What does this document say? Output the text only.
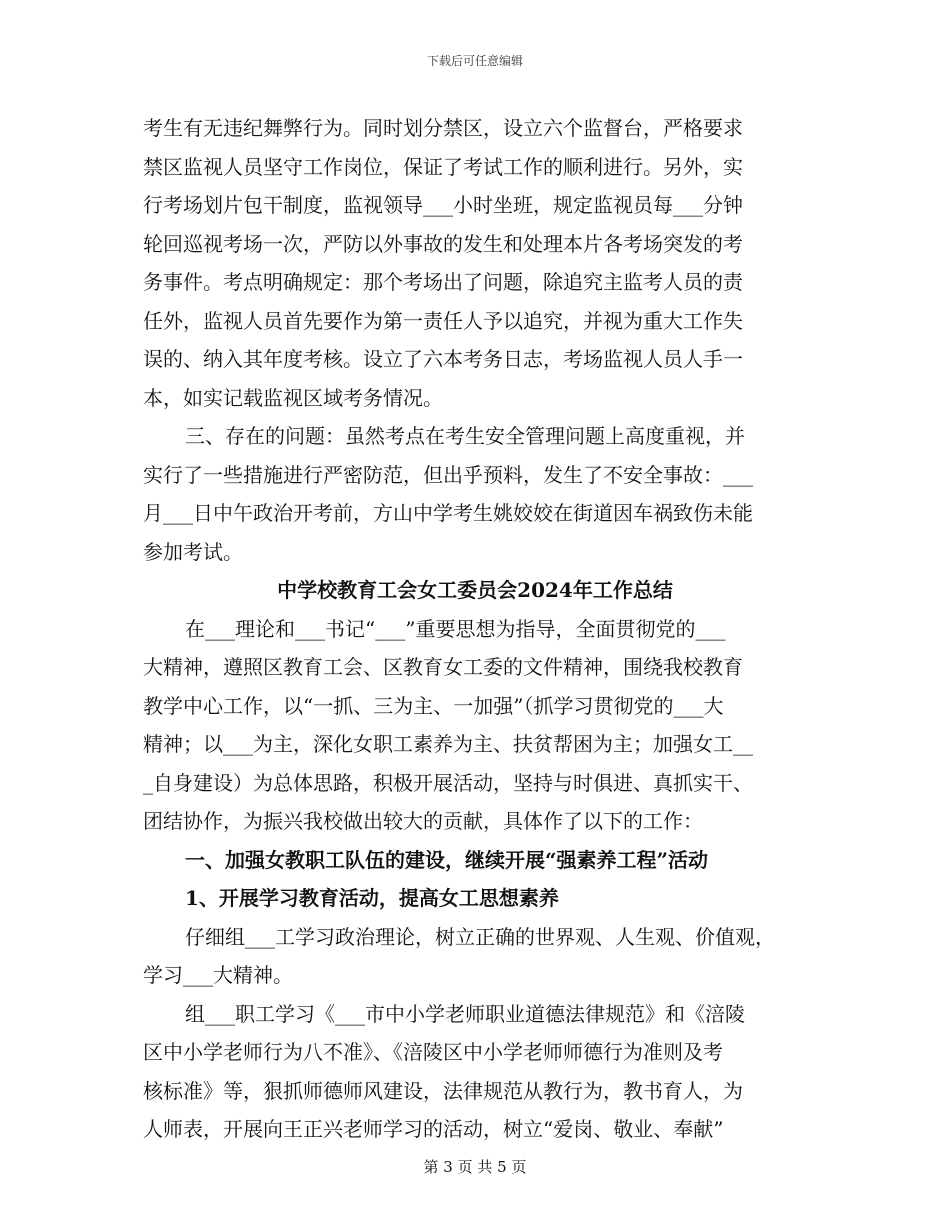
下载后可任意编辑
考生有无违纪舞弊行为。同时划分禁区，设立六个监督台，严格要求
禁区监视人员坚守工作岗位，保证了考试工作的顺利进行。另外，实
行考场划片包干制度，监视领导___小时坐班，规定监视员每___分钟
轮回巡视考场一次，严防以外事故的发生和处理本片各考场突发的考
务事件。考点明确规定：那个考场出了问题，除追究主监考人员的责
任外，监视人员首先要作为第一责任人予以追究，并视为重大工作失
误的、纳入其年度考核。设立了六本考务日志，考场监视人员人手一
本，如实记载监视区域考务情况。
三、存在的问题：虽然考点在考生安全管理问题上高度重视，并
实行了一些措施进行严密防范，但出乎预料，发生了不安全事故：___
月___日中午政治开考前，方山中学考生姚姣姣在街道因车祸致伤未能
参加考试。
中学校教育工会女工委员会2024年工作总结
在___理论和___书记“___”重要思想为指导，全面贯彻党的___
大精神，遵照区教育工会、区教育女工委的文件精神，围绕我校教育
教学中心工作，以“一抓、三为主、一加强”（抓学习贯彻党的___大
精神；以___为主，深化女职工素养为主、扶贫帮困为主；加强女工__
_自身建设）为总体思路，积极开展活动，坚持与时俱进、真抓实干、
团结协作，为振兴我校做出较大的贡献，具体作了以下的工作：
一、加强女教职工队伍的建设，继续开展“强素养工程”活动
1、开展学习教育活动，提高女工思想素养
仔细组___工学习政治理论，树立正确的世界观、人生观、价值观，
学习___大精神。
组___职工学习《___市中小学老师职业道德法律规范》和《涪陵
区中小学老师行为八不准》、《涪陵区中小学老师师德行为准则及考
核标准》等，狠抓师德师风建设，法律规范从教行为，教书育人，为
人师表，开展向王正兴老师学习的活动，树立“爱岗、敬业、奉献”
第 3 页 共 5 页
